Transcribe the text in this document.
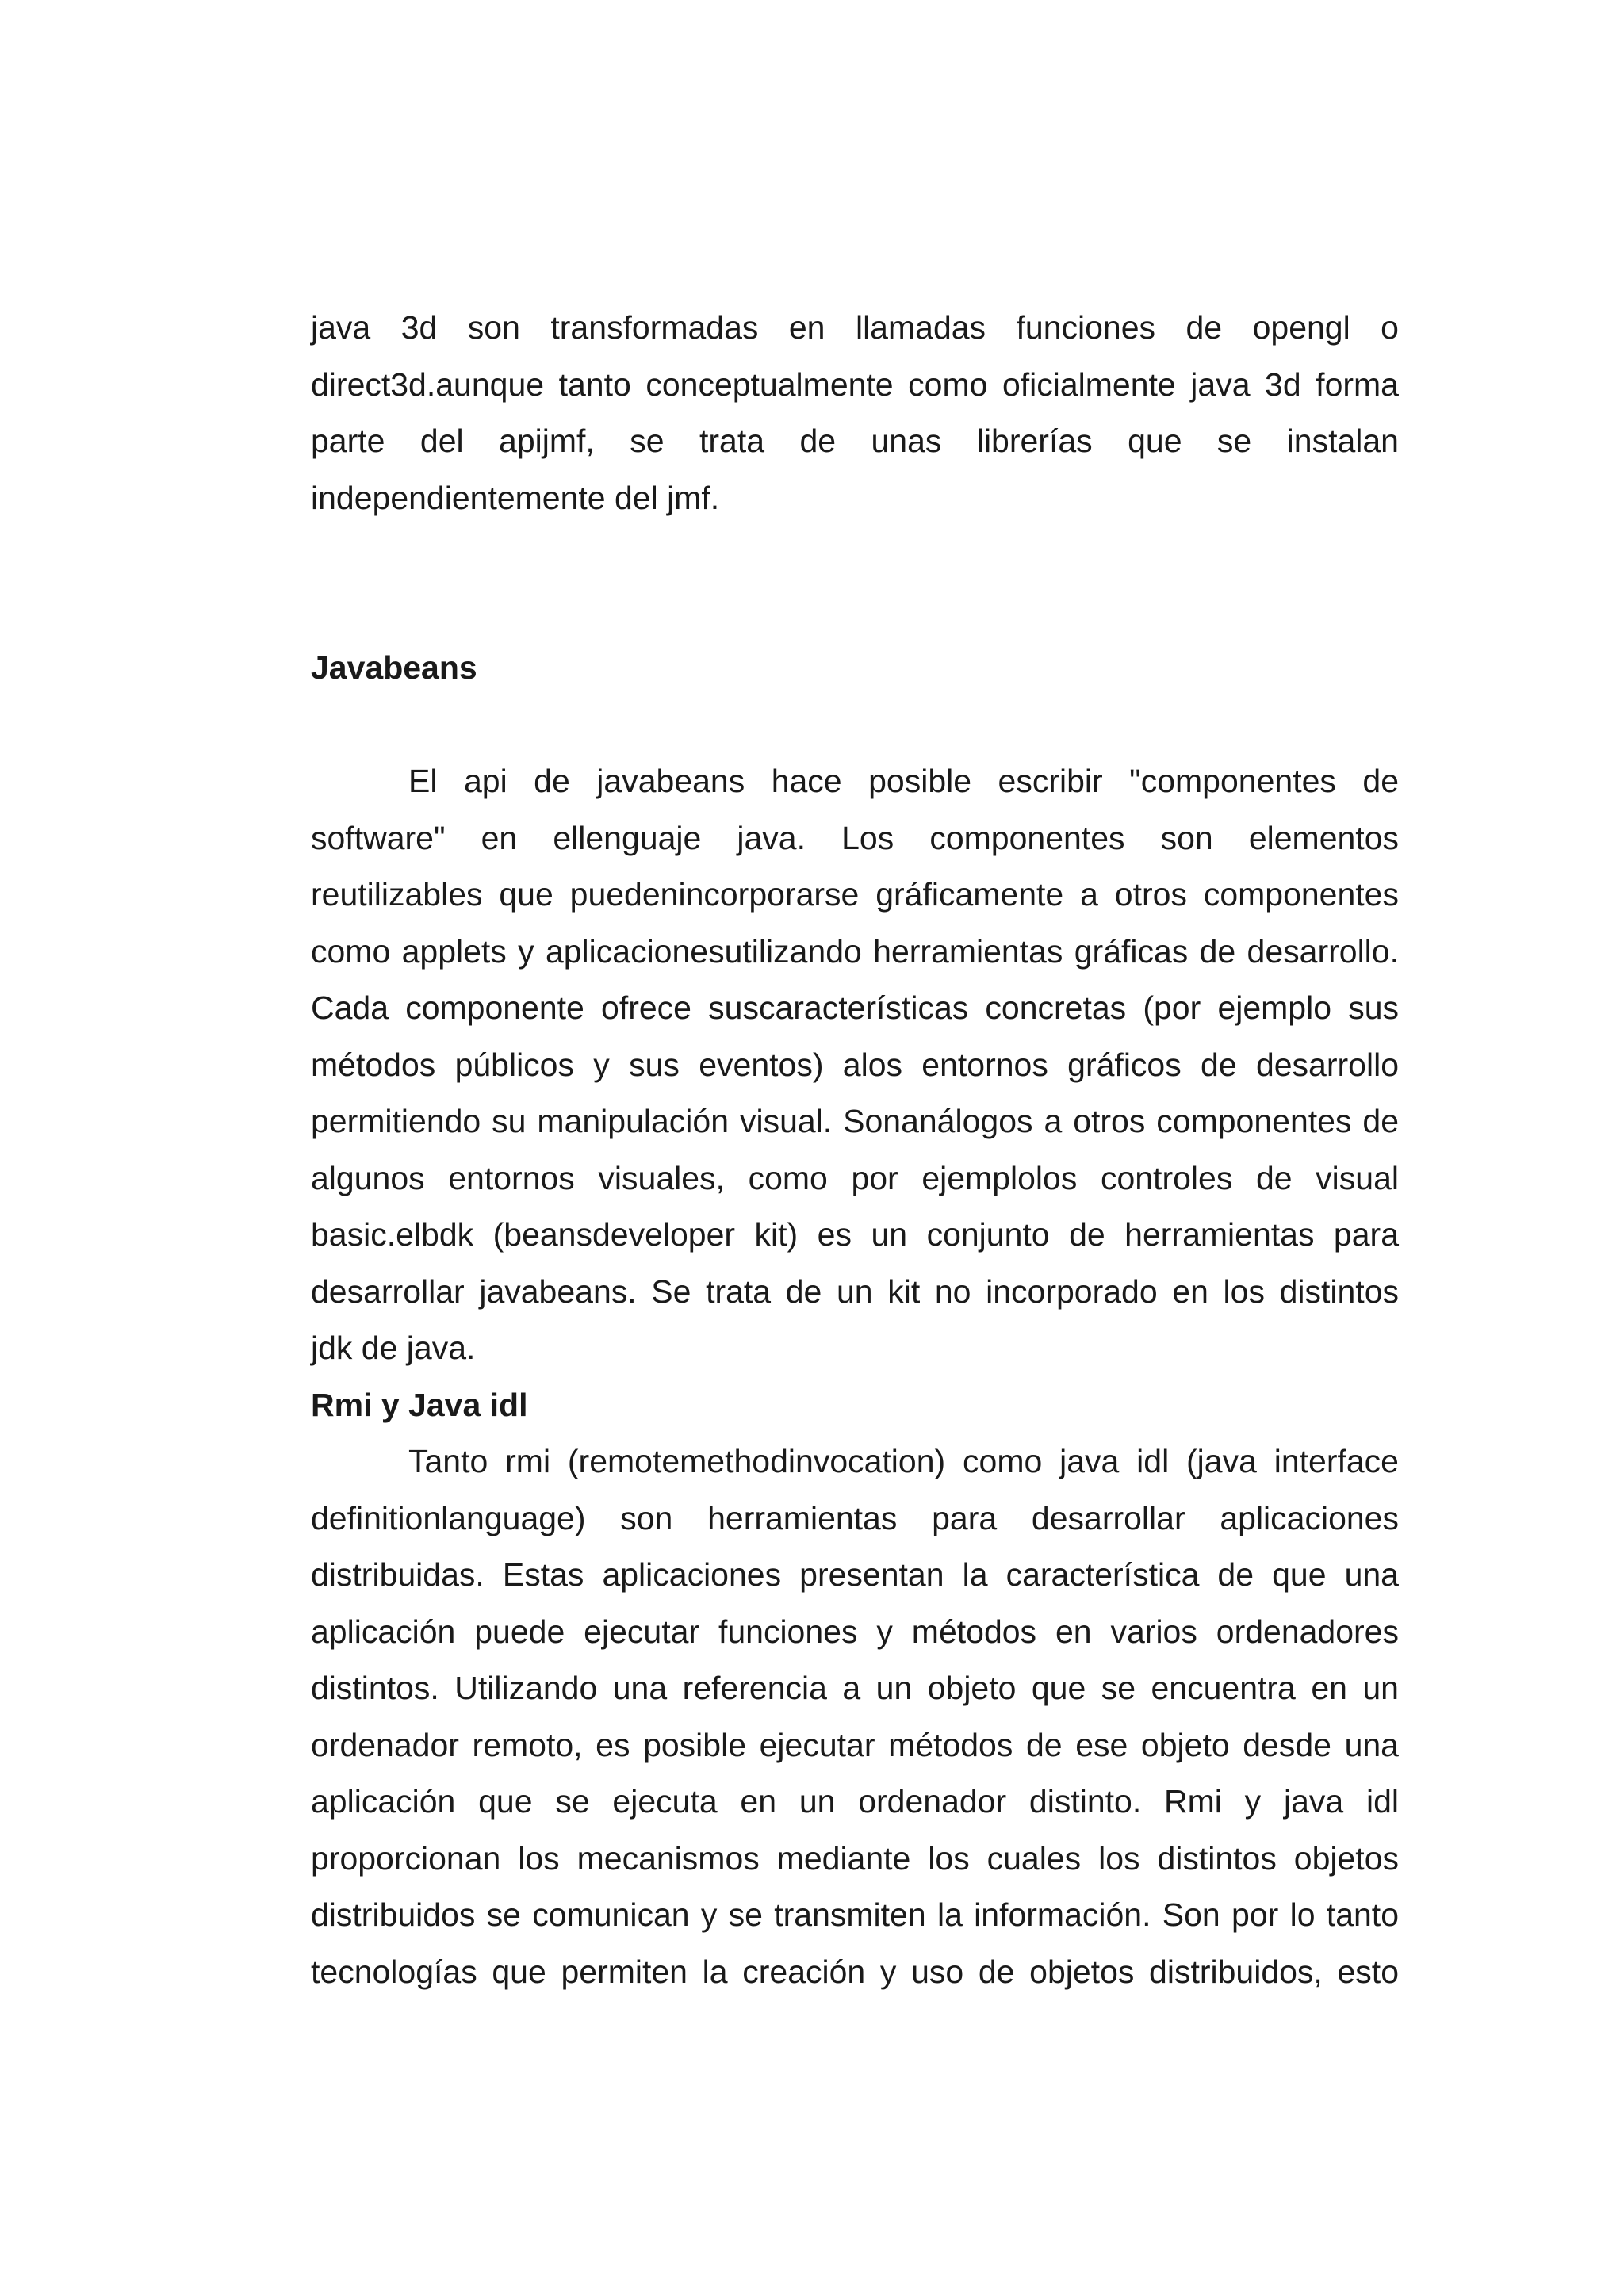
java 3d son transformadas en llamadas funciones de opengl o
direct3d.aunque tanto conceptualmente como oficialmente java 3d forma
parte del apijmf, se trata de unas librerías que se instalan
independientemente del jmf.
Javabeans
El api de javabeans hace posible escribir "componentes de
software" en ellenguaje java. Los componentes son elementos
reutilizables que puedenincorporarse gráficamente a otros componentes
como applets y aplicacionesutilizando herramientas gráficas de desarrollo.
Cada componente ofrece suscaracterísticas concretas (por ejemplo sus
métodos públicos y sus eventos) alos entornos gráficos de desarrollo
permitiendo su manipulación visual. Sonanálogos a otros componentes de
algunos entornos visuales, como por ejemplolos controles de visual
basic.elbdk (beansdeveloper kit) es un conjunto de herramientas para
desarrollar javabeans. Se trata de un kit no incorporado en los distintos
jdk de java.
Rmi y Java idl
Tanto rmi (remotemethodinvocation) como java idl (java interface
definitionlanguage) son herramientas para desarrollar aplicaciones
distribuidas. Estas aplicaciones presentan la característica de que una
aplicación puede ejecutar funciones y métodos en varios ordenadores
distintos. Utilizando una referencia a un objeto que se encuentra en un
ordenador remoto, es posible ejecutar métodos de ese objeto desde una
aplicación que se ejecuta en un ordenador distinto. Rmi y java idl
proporcionan los mecanismos mediante los cuales los distintos objetos
distribuidos se comunican y se transmiten la información. Son por lo tanto
tecnologías que permiten la creación y uso de objetos distribuidos, esto
